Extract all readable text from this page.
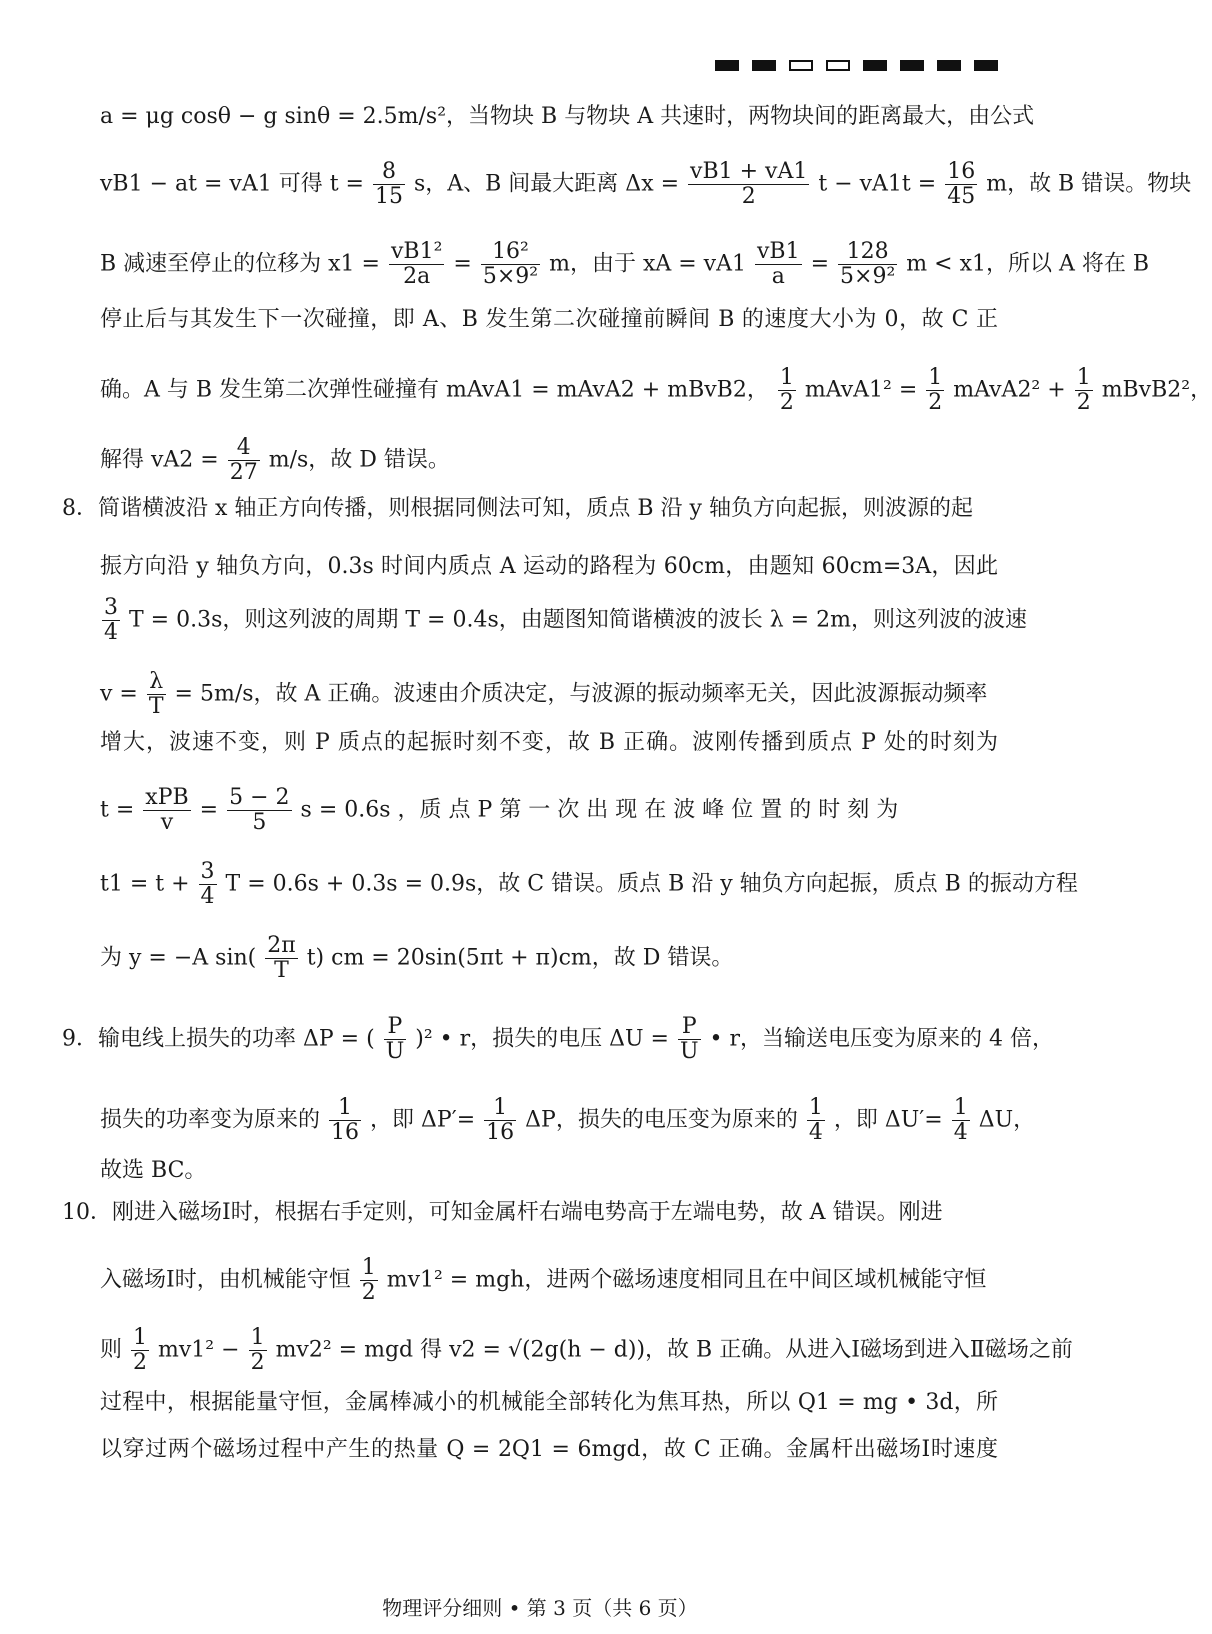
a = μg cosθ − g sinθ = 2.5m/s²，当物块 B 与物块 A 共速时，两物块间的距离最大，由公式
vB1 − at = vA1 可得 $t = \frac{8}{15}$ s，A、B 间最大距离 $\Delta x = \frac{vB1 + vA1}{2}$ $t - vA1t = \frac{16}{45}$ m，故 B 错误。物块
B 减速至停止的位移为 $x1 = \frac{\text{vB1²}}{2a} = \frac{\text{16²}}{\text{5×9²}}$ m，由于 xA = $vA1 \frac{vB1}{a} = \frac{128}{\text{5×9²}}$ m < x1，所以 A 将在 B
停止后与其发生下一次碰撞，即 A、B 发生第二次碰撞前瞬间 B 的速度大小为 0，故 C 正
确。A 与 B 发生第二次弹性碰撞有 mAvA1 = mAvA2 + mBvB2， $\frac{1}{2}$ mAvA1² = $\frac{1}{2}$ mAvA2² + $\frac{1}{2}$ mBvB2²，
解得 $vA2 = \frac{4}{27} m/s$，故 D 错误。
8．简谐横波沿 x 轴正方向传播，则根据同侧法可知，质点 B 沿 y 轴负方向起振，则波源的起
振方向沿 y 轴负方向，0.3s 时间内质点 A 运动的路程为 60cm，由题知 60cm=3A，因此
$\frac{3}{4}$ T = 0.3s，则这列波的周期 T = 0.4s，由题图知简谐横波的波长 λ = 2m，则这列波的波速
$v = \frac{\lambda}{T} = 5m/s$，故 A 正确。波速由介质决定，与波源的振动频率无关，因此波源振动频率
增大，波速不变，则 P 质点的起振时刻不变，故 B 正确。波刚传播到质点 P 处的时刻为
$t = \frac{\text{xPB}}{v} = \frac{5 - 2}{5}$ s = 0.6s ，质 点 P 第 一 次 出 现 在 波 峰 位 置 的 时 刻 为
$t1 = t + \frac{3}{4}$ T = 0.6s + 0.3s = 0.9s，故 C 错误。质点 B 沿 y 轴负方向起振，质点 B 的振动方程
为 y = −A $\sin( \frac{2\pi}{T} t)$ cm = 20sin(5πt + π)cm，故 D 错误。
9．输电线上损失的功率 ΔP = ( $\frac{P}{U} )^2$ • r，损失的电压 $\Delta U = \frac{P}{U}$ • r，当输送电压变为原来的 4 倍，
损失的功率变为原来的 $\frac{1}{16}$ ，即 $\Delta P'= \frac{1}{16}$ ΔP，损失的电压变为原来的 $\frac{1}{4}$ ，即 $\Delta U'= \frac{1}{4}$ ΔU，
故选 BC。
10．刚进入磁场Ⅰ时，根据右手定则，可知金属杆右端电势高于左端电势，故 A 错误。刚进
入磁场Ⅰ时，由机械能守恒 $\frac{1}{2} mv1^2$ = mgh，进两个磁场速度相同且在中间区域机械能守恒
则 $\frac{1}{2} mv1^2 - \frac{1}{2} mv2^2$ = mgd 得 v2 = √(2g(h − d))，故 B 正确。从进入Ⅰ磁场到进入Ⅱ磁场之前
过程中，根据能量守恒，金属棒减小的机械能全部转化为焦耳热，所以 Q1 = mg • 3d，所
以穿过两个磁场过程中产生的热量 Q = 2Q1 = 6mgd，故 C 正确。金属杆出磁场Ⅰ时速度
物理评分细则 • 第 3 页（共 6 页）
